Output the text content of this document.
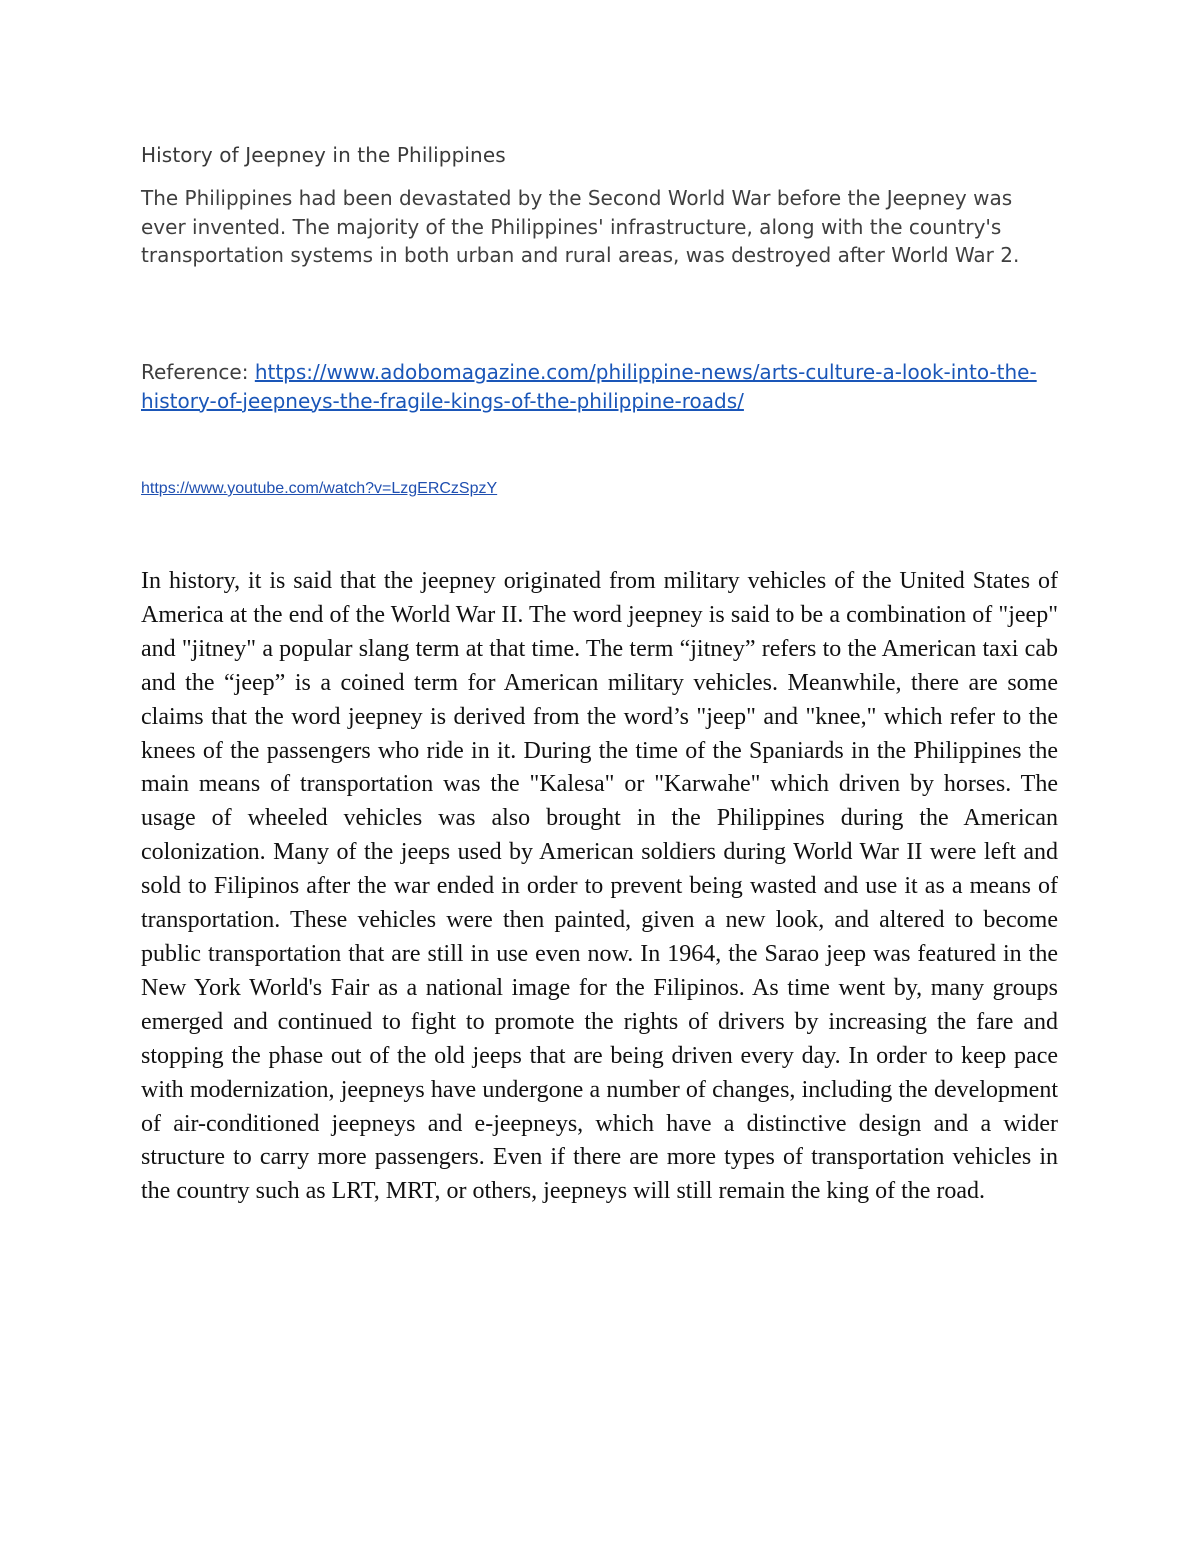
History of Jeepney in the Philippines

The Philippines had been devastated by the Second World War before the Jeepney was ever invented. The majority of the Philippines' infrastructure, along with the country's transportation systems in both urban and rural areas, was destroyed after World War 2.

Reference: https://www.adobomagazine.com/philippine-news/arts-culture-a-look-into-the-history-of-jeepneys-the-fragile-kings-of-the-philippine-roads/

https://www.youtube.com/watch?v=LzgERCzSpzY

In history, it is said that the jeepney originated from military vehicles of the United States of America at the end of the World War II. The word jeepney is said to be a combination of "jeep" and "jitney" a popular slang term at that time. The term “jitney” refers to the American taxi cab and the “jeep” is a coined term for American military vehicles. Meanwhile, there are some claims that the word jeepney is derived from the word’s "jeep" and "knee," which refer to the knees of the passengers who ride in it. During the time of the Spaniards in the Philippines the main means of transportation was the "Kalesa" or "Karwahe" which driven by horses. The usage of wheeled vehicles was also brought in the Philippines during the American colonization. Many of the jeeps used by American soldiers during World War II were left and sold to Filipinos after the war ended in order to prevent being wasted and use it as a means of transportation. These vehicles were then painted, given a new look, and altered to become public transportation that are still in use even now. In 1964, the Sarao jeep was featured in the New York World's Fair as a national image for the Filipinos. As time went by, many groups emerged and continued to fight to promote the rights of drivers by increasing the fare and stopping the phase out of the old jeeps that are being driven every day. In order to keep pace with modernization, jeepneys have undergone a number of changes, including the development of air-conditioned jeepneys and e-jeepneys, which have a distinctive design and a wider structure to carry more passengers. Even if there are more types of transportation vehicles in the country such as LRT, MRT, or others, jeepneys will still remain the king of the road.
